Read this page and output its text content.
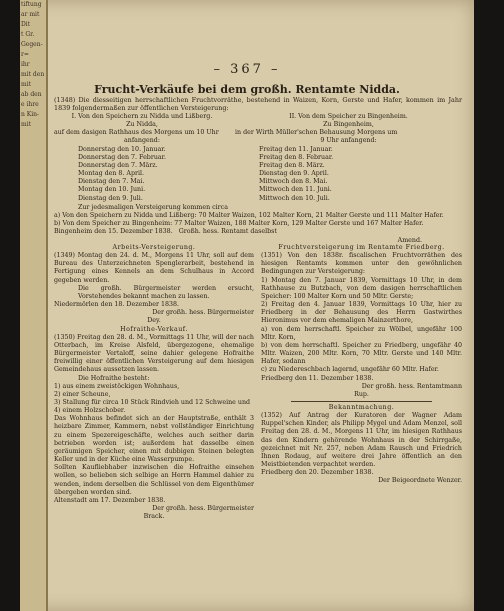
tiftung
ar mit
Dit
t Gr.
Gegen-
r=
ihr
mit den
mit
ab den
e ihre
n Kin-
mit
– 367 –
Frucht-Verkäufe bei dem großh. Rentamte Nidda.
(1348) Die diesseitigen herrschaftlichen Fruchtvorräthe, bestehend in Waizen, Korn, Gerste und Hafer, kommen im Jahr 1839 folgendermaßen zur öffentlichen Versteigerung:

I. Von den Speichern zu Nidda und Lißberg.

Zu Nidda,

auf dem dasigen Rathhaus des Morgens um 10 Uhr

anfangend:

Donnerstag den 10. Januar.

Donnerstag den 7. Februar.

Donnerstag den 7. März.

Montag den 8. April.

Dienstag den 7. Mai.

Montag den 10. Juni.

Dienstag den 9. Juli.

II. Von dem Speicher zu Bingenheim.

Zu Bingenheim,

in der Wirth Müller'schen Behausung Morgens um

9 Uhr anfangend:

Freitag den 11. Januar.

Freitag den 8. Februar.

Freitag den 8. März.

Dienstag den 9. April.

Mittwoch den 8. Mai.

Mittwoch den 11. Juni.

Mittwoch den 10. Juli.

Zur jedesmaligen Versteigerung kommen circa

a) Von den Speichern zu Nidda und Lißberg: 70 Malter Waizen, 102 Malter Korn, 21 Malter Gerste und 111 Malter Hafer.

b) Von dem Speicher zu Bingenheim: 77 Malter Waizen, 188 Malter Korn, 129 Malter Gerste und 167 Malter Hafer.

Bingenheim den 15. Dezember 1838. Großh. hess. Rentamt daselbst

Amend.

Arbeits-Versteigerung.

(1349) Montag den 24. d. M., Morgens 11 Uhr, soll auf dem Bureau des Unterzeichneten Spenglerarbeit, bestehend in Fertigung eines Kennels an dem Schulhaus in Accord gegeben werden.

Die großh. Bürgermeister werden ersucht, Vorstehendes bekannt machen zu lassen.

Niedermörlen den 18. Dezember 1838.

Der großh. hess. Bürgermeister

Dey.

Hofraithe-Verkauf.

(1350) Freitag den 28. d. M., Vormittags 11 Uhr, will der nach Otterbach, im Kreise Alsfeld, übergezogene, ehemalige Bürgermeister Vertaloff, seine dahier gelegene Hofraithe freiwillig einer öffentlichen Versteigerung auf dem hiesigen Gemeindehaus aussetzen lassen.

Die Hofraithe besteht:

1) aus einem zweistöckigen Wohnhaus,

2) einer Scheune,

3) Stallung für circa 10 Stück Rindvieh und 12 Schweine und

4) einem Holzschober.

Das Wohnhaus befindet sich an der Hauptstraße, enthält 3 heizbare Zimmer, Kammern, nebst vollständiger Einrichtung zu einem Spezereigeschäfte, welches auch seither darin betrieben worden ist; außerdem hat dasselbe einen geräumigen Speicher, einen mit dubbigen Steinen belegten Keller und in der Küche eine Wasserpumpe.

Sollten Kaufliebhaber inzwischen die Hofraithe einsehen wollen, so belieben sich selbige an Herrn Hammel dahier zu wenden, indem derselben die Schlüssel von dem Eigenthümer übergeben worden sind.

Altenstadt am 17. Dezember 1838.

Der großh. hess. Bürgermeister

Brack.

Fruchtversteigerung im Rentamte Friedberg.

(1351) Von den 1838r. fiscalischen Fruchtvorräthen des hiesigen Rentamts kommen unter den gewöhnlichen Bedingungen zur Versteigerung:

1) Montag den 7. Januar 1839, Vormittags 10 Uhr, in dem Rathhause zu Butzbach, von dem dasigen herrschaftlichen Speicher: 100 Malter Korn und 50 Mltr. Gerste;

2) Freitag den 4. Januar 1839, Vormittags 10 Uhr, hier zu Friedberg in der Behausung des Herrn Gastwirthes Hieronimus vor dem ehemaligen Mainzerthore,

a) von dem herrschaftl. Speicher zu Wölbel, ungefähr 100 Mltr. Korn,

b) von dem herrschaftl. Speicher zu Friedberg, ungefähr 40 Mltr. Waizen, 200 Mltr. Korn, 70 Mltr. Gerste und 140 Mltr. Hafer, sodann

c) zu Niedereschbach lagernd, ungefähr 60 Mltr. Hafer.

Friedberg den 11. Dezember 1838.

Der großh. hess. Rentamtmann

Rup.

Bekanntmachung.

(1352) Auf Antrag der Kuratoren der Wagner Adam Ruppel'schen Kinder, als Philipp Mygel und Adam Menzel, soll Freitag den 28. d. M., Morgens 11 Uhr, im hiesigen Rathhaus das den Kindern gehörende Wohnhaus in der Schirrgaße, gezeichnet mit Nr. 257, neben Adam Rausch und Friedrich Ihnen Rodaug, auf weitere drei Jahre öffentlich an den Meistbietenden verpachtet werden.

Friedberg den 20. Dezember 1838.

Der Beigeordnete Wenzer.
